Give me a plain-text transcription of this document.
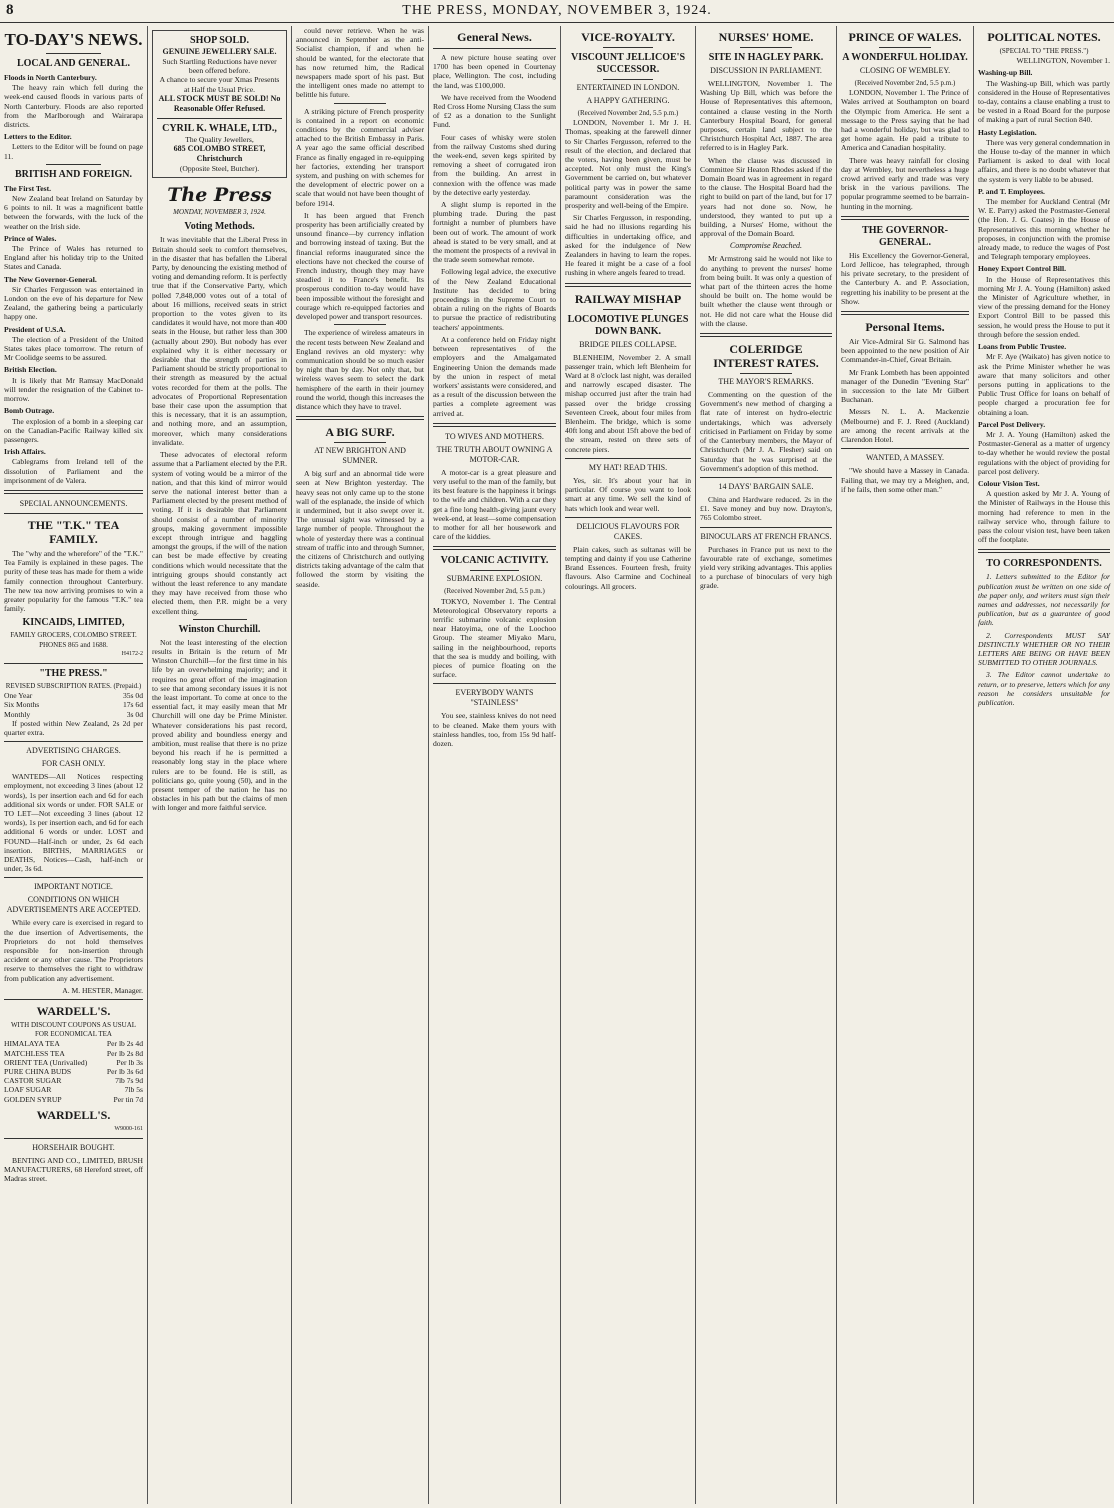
8	THE PRESS, MONDAY, NOVEMBER 3, 1924.
TO-DAY'S NEWS.
LOCAL AND GENERAL.
Floods in North Canterbury.

The heavy rain which fell during the week-end caused floods in various parts of North Canterbury. Floods are also reported from the Marlborough and Wairarapa districts.

Letters to the Editor.

Letters to the Editor will be found on page 11.

BRITISH AND FOREIGN.
The First Test.

New Zealand beat Ireland on Saturday by 6 points to nil. It was a magnificent battle between the forwards, with the luck of the weather on the Irish side.

Prince of Wales.

The Prince of Wales has returned to England after his holiday trip to the United States and Canada.

The New Governor-General.

Sir Charles Fergusson was entertained in London on the eve of his departure for New Zealand, the gathering being a particularly happy one.

President of U.S.A.

The election of a President of the United States takes place tomorrow. The return of Mr Coolidge seems to be assured.

British Election.

It is likely that Mr Ramsay MacDonald will tender the resignation of the Cabinet to-morrow.

Bomb Outrage.

The explosion of a bomb in a sleeping car on the Canadian-Pacific Railway killed six passengers.

Irish Affairs.

Cablegrams from Ireland tell of the dissolution of Parliament and the imprisonment of de Valera.

SPECIAL ANNOUNCEMENTS.
THE "T.K." TEA FAMILY.

The "why and the wherefore" of the "T.K." Tea Family is explained in these pages. The purity of these teas has made for them a wide family connection throughout Canterbury. The new tea now arriving promises to win a greater popularity for the famous "T.K." tea family.

KINCAIDS, LIMITED,
FAMILY GROCERS, COLOMBO STREET. PHONES 865 and 1688.
H4172-2
"THE PRESS."
REVISED SUBSCRIPTION RATES. (Prepaid.)
One Year	35s 0d
Six Months	17s 6d
Monthly	3s 0d

If posted within New Zealand, 2s 2d per quarter extra.

ADVERTISING CHARGES.
FOR CASH ONLY.

WANTEDS—All Notices respecting employment, not exceeding 3 lines (about 12 words), 1s per insertion each and 6d for each additional six words or under. FOR SALE or TO LET—Not exceeding 3 lines (about 12 words), 1s per insertion each, and 6d for each additional 6 words or under. LOST and FOUND—Half-inch or under, 2s 6d each insertion. BIRTHS, MARRIAGES or DEATHS, Notices—Cash, half-inch or under, 3s 6d.

IMPORTANT NOTICE.
CONDITIONS ON WHICH ADVERTISEMENTS ARE ACCEPTED.

While every care is exercised in regard to the due insertion of Advertisements, the Proprietors do not hold themselves responsible for non-insertion through accident or any other cause. The Proprietors reserve to themselves the right to withdraw from publication any advertisement.

A. M. HESTER, Manager.
WARDELL'S.
WITH DISCOUNT COUPONS AS USUAL FOR ECONOMICAL TEA
HIMALAYA TEA	Per lb 2s 4d
MATCHLESS TEA	Per lb 2s 8d
ORIENT TEA (Unrivalled)	Per lb 3s
PURE CHINA BUDS	Per lb 3s 6d
CASTOR SUGAR	7lb 7s 9d
LOAF SUGAR	7lb 5s
GOLDEN SYRUP	Per tin 7d
WARDELL'S.
W9000-161
HORSEHAIR BOUGHT.

BENTING AND CO., LIMITED, BRUSH MANUFACTURERS, 68 Hereford street, off Madras street.

SHOP SOLD.
GENUINE JEWELLERY SALE.
Such Startling Reductions have never been offered before.
A chance to secure your Xmas Presents at Half the Usual Price.
ALL STOCK MUST BE SOLD! No Reasonable Offer Refused.
CYRIL K. WHALE, LTD.,
The Quality Jewellers,
685 COLOMBO STREET, Christchurch
(Opposite Steel, Butcher).
The Press
MONDAY, NOVEMBER 3, 1924.
Voting Methods.

It was inevitable that the Liberal Press in Britain should seek to comfort themselves, in the disaster that has befallen the Liberal Party, by denouncing the existing method of voting and demanding reform. It is perfectly true that if the Conservative Party, which polled 7,848,000 votes out of a total of about 16 millions, received seats in strict proportion to the votes given to its candidates it would have, not more than 400 seats in the House, but rather less than 300 (actually about 290). But nobody has ever explained why it is either necessary or desirable that the strength of parties in Parliament should be strictly proportional to their strength as measured by the actual votes recorded for them at the polls. The advocates of Proportional Representation base their case upon the assumption that this is necessary, that it is an assumption, and nothing more, and an assumption, moreover, which many considerations invalidate.

These advocates of electoral reform assume that a Parliament elected by the P.R. system of voting would be a mirror of the nation, and that this kind of mirror would serve the national interest better than a Parliament elected by the present method of voting. If it is desirable that Parliament should consist of a number of minority groups, making government impossible except through intrigue and haggling amongst the groups, if the will of the nation can best be made effective by creating conditions which would necessitate that the intriguing groups should constantly act without the least reference to any mandate they may have received from those who elected them, then P.R. might be a very excellent thing.

Winston Churchill.

Not the least interesting of the election results in Britain is the return of Mr Winston Churchill—for the first time in his life by an overwhelming majority; and it requires no great effort of the imagination to see that among secondary issues it is not the least important. To come at once to the essential fact, it may easily mean that Mr Churchill will one day be Prime Minister. Whatever considerations his past record, proved ability and boundless energy and ambition, must realise that there is no prize beyond his reach if he is permitted a reasonably long stay in the place where rulers are to be found. He is still, as politicians go, quite young (50), and in the present temper of the nation he has no obstacles in his path but the claims of men with longer and more faithful service.

could never retrieve. When he was announced in September as the anti-Socialist champion, if and when he should be wanted, for the electorate that has now returned him, the Radical newspapers made sport of his past. But the intelligent ones made no attempt to belittle his future.

A striking picture of French prosperity is contained in a report on economic conditions by the commercial adviser attached to the British Embassy in Paris. A year ago the same official described France as finally engaged in re-equipping her factories, extending her transport system, and pushing on with schemes for the development of electric power on a scale that would not have been thought of before 1914.

It has been argued that French prosperity has been artificially created by unsound finance—by currency inflation and borrowing instead of taxing. But the financial reforms inaugurated since the elections have not checked the course of French industry, though they may have steadied it to France's benefit. Its prosperous condition to-day would have been impossible without the foresight and courage which re-equipped factories and developed power and transport resources.

The experience of wireless amateurs in the recent tests between New Zealand and England revives an old mystery: why communication should be so much easier by night than by day. Not only that, but wireless waves seem to select the dark hemisphere of the earth in their journey round the world, though this increases the distance which they have to travel.

A BIG SURF.
AT NEW BRIGHTON AND SUMNER.

A big surf and an abnormal tide were seen at New Brighton yesterday. The heavy seas not only came up to the stone wall of the esplanade, the inside of which it undermined, but it also swept over it. The unusual sight was witnessed by a large number of people. Throughout the whole of yesterday there was a continual stream of traffic into and through Sumner, the citizens of Christchurch and outlying districts taking advantage of the calm that followed the storm by visiting the seaside.

General News.

A new picture house seating over 1700 has been opened in Courtenay place, Wellington. The cost, including the land, was £100,000.

We have received from the Woodend Red Cross Home Nursing Class the sum of £2 as a donation to the Sunlight Fund.

Four cases of whisky were stolen from the railway Customs shed during the week-end, seven kegs spirited by removing a sheet of corrugated iron from the building. An arrest in connexion with the offence was made by the detective early yesterday.

A slight slump is reported in the plumbing trade. During the past fortnight a number of plumbers have been out of work. The amount of work ahead is stated to be very small, and at the moment the prospects of a revival in the trade seem somewhat remote.

Following legal advice, the executive of the New Zealand Educational Institute has decided to bring proceedings in the Supreme Court to obtain a ruling on the rights of Boards to pursue the practice of redistributing teachers' appointments.

At a conference held on Friday night between representatives of the employers and the Amalgamated Engineering Union the demands made by the union in respect of metal workers' assistants were considered, and as a result of the discussion between the parties a complete agreement was arrived at.

TO WIVES AND MOTHERS.
THE TRUTH ABOUT OWNING A MOTOR-CAR.

A motor-car is a great pleasure and very useful to the man of the family, but its best feature is the happiness it brings to the wife and children. With a car they get a fine long health-giving jaunt every week-end, at least—some compensation to mother for all her housework and care of the kiddies.

VOLCANIC ACTIVITY.
SUBMARINE EXPLOSION.
(Received November 2nd, 5.5 p.m.)

TOKYO, November 1. The Central Meteorological Observatory reports a terrific submarine volcanic explosion near Hatoyima, one of the Loochoo Group. The steamer Miyako Maru, sailing in the neighbourhood, reports that the sea is muddy and boiling, with pieces of pumice floating on the surface.

EVERYBODY WANTS "STAINLESS"

You see, stainless knives do not need to be cleaned. Make them yours with stainless handles, too, from 15s 9d half-dozen.

VICE-ROYALTY.
VISCOUNT JELLICOE'S SUCCESSOR.
ENTERTAINED IN LONDON.
A HAPPY GATHERING.
(Received November 2nd, 5.5 p.m.)

LONDON, November 1. Mr J. H. Thomas, speaking at the farewell dinner to Sir Charles Fergusson, referred to the result of the election, and declared that the voters, having been given, must be accepted. Not only must the King's Government be carried on, but whatever political party was in power the same paramount consideration was the prosperity and well-being of the Empire.

Sir Charles Fergusson, in responding, said he had no illusions regarding his difficulties in undertaking office, and asked for the indulgence of New Zealanders in having to learn the ropes. He feared it might be a case of a fool rushing in where angels feared to tread.

RAILWAY MISHAP
LOCOMOTIVE PLUNGES DOWN BANK.
BRIDGE PILES COLLAPSE.

BLENHEIM, November 2. A small passenger train, which left Blenheim for Ward at 8 o'clock last night, was derailed and narrowly escaped disaster. The mishap occurred just after the train had passed over the bridge crossing Seventeen Creek, about four miles from Blenheim. The bridge, which is some 40ft long and about 15ft above the bed of the stream, rested on three sets of concrete piers.

MY HAT! READ THIS.

Yes, sir. It's about your hat in particular. Of course you want to look smart at any time. We sell the kind of hats which look and wear well.

DELICIOUS FLAVOURS FOR CAKES.

Plain cakes, such as sultanas will be tempting and dainty if you use Catherine Brand Essences. Fourteen fresh, fruity flavours. Also Carmine and Cochineal colourings. All grocers.

NURSES' HOME.
SITE IN HAGLEY PARK.
DISCUSSION IN PARLIAMENT.

WELLINGTON, November 1. The Washing Up Bill, which was before the House of Representatives this afternoon, contained a clause vesting in the North Canterbury Hospital Board, for general purposes, certain land subject to the Christchurch Hospital Act, 1887. The area referred to is in Hagley Park.

When the clause was discussed in Committee Sir Heaton Rhodes asked if the Domain Board was in agreement in regard to the clause. The Hospital Board had the right to build on part of the land, but for 17 years had not done so. Now, he understood, they wanted to put up a building, a Nurses' Home, without the approval of the Domain Board.

Compromise Reached.

Mr Armstrong said he would not like to do anything to prevent the nurses' home from being built. It was only a question of what part of the thirteen acres the home should be built on. The home would be built whether the clause went through or not. He did not care what the House did with the clause.

COLERIDGE INTEREST RATES.
THE MAYOR'S REMARKS.

Commenting on the question of the Government's new method of charging a flat rate of interest on hydro-electric undertakings, which was adversely criticised in Parliament on Friday by some of the Canterbury members, the Mayor of Christchurch (Mr J. A. Flesher) said on Saturday that he was surprised at the Government's adoption of this method.

14 DAYS' BARGAIN SALE.

China and Hardware reduced. 2s in the £1. Save money and buy now. Drayton's, 765 Colombo street.

BINOCULARS AT FRENCH FRANCS.

Purchases in France put us next to the favourable rate of exchange, sometimes yield very striking advantages. This applies to a purchase of binoculars of very high grade.

PRINCE OF WALES.
A WONDERFUL HOLIDAY.
CLOSING OF WEMBLEY.
(Received November 2nd, 5.5 p.m.)

LONDON, November 1. The Prince of Wales arrived at Southampton on board the Olympic from America. He sent a message to the Press saying that he had had a wonderful holiday, but was glad to get home again. He paid a tribute to America and Canadian hospitality.

There was heavy rainfall for closing day at Wembley, but nevertheless a huge crowd arrived early and trade was very brisk in the various pavilions. The popular programme seemed to be barrain-hunting in the morning.

THE GOVERNOR-GENERAL.

His Excellency the Governor-General, Lord Jellicoe, has telegraphed, through his private secretary, to the president of the Canterbury A. and P. Association, regretting his inability to be present at the Show.

Personal Items.

Air Vice-Admiral Sir G. Salmond has been appointed to the new position of Air Commander-in-Chief, Great Britain.

Mr Frank Lombeth has been appointed manager of the Dunedin "Evening Star" in succession to the late Mr Gilbert Buchanan.

Messrs N. L. A. Mackenzie (Melbourne) and F. J. Reed (Auckland) are among the recent arrivals at the Clarendon Hotel.

WANTED, A MASSEY.

"We should have a Massey in Canada. Failing that, we may try a Meighen, and, if he fails, then some other man."

POLITICAL NOTES.
(SPECIAL TO "THE PRESS.")
WELLINGTON, November 1.
Washing-up Bill.

The Washing-up Bill, which was partly considered in the House of Representatives to-day, contains a clause enabling a trust to be vested in a Road Board for the purpose of making a part of rural Section 840.

Hasty Legislation.

There was very general condemnation in the House to-day of the manner in which Parliament is asked to deal with local affairs, and there is no doubt whatever that the system is very liable to be abused.

P. and T. Employees.

The member for Auckland Central (Mr W. E. Parry) asked the Postmaster-General (the Hon. J. G. Coates) in the House of Representatives this morning whether he proposes, in conjunction with the promise already made, to reduce the wages of Post and Telegraph temporary employees.

Honey Export Control Bill.

In the House of Representatives this morning Mr J. A. Young (Hamilton) asked the Minister of Agriculture whether, in view of the pressing demand for the Honey Export Control Bill to be passed this session, he would press the House to put it through before the session ended.

Loans from Public Trustee.

Mr F. Aye (Waikato) has given notice to ask the Prime Minister whether he was aware that many solicitors and other persons putting in applications to the Public Trust Office for loans on behalf of people charged a procuration fee for obtaining a loan.

Parcel Post Delivery.

Mr J. A. Young (Hamilton) asked the Postmaster-General as a matter of urgency to-day whether he would review the postal regulations with the object of providing for parcel post delivery.

Colour Vision Test.

A question asked by Mr J. A. Young of the Minister of Railways in the House this morning had reference to men in the railway service who, through failure to pass the colour vision test, have been taken off the footplate.

TO CORRESPONDENTS.

1. Letters submitted to the Editor for publication must be written on one side of the paper only, and writers must sign their names and addresses, not necessarily for publication, but as a guarantee of good faith.

2. Correspondents MUST SAY DISTINCTLY WHETHER OR NO THEIR LETTERS ARE BEING OR HAVE BEEN SUBMITTED TO OTHER JOURNALS.

3. The Editor cannot undertake to return, or to preserve, letters which for any reason he considers unsuitable for publication.
